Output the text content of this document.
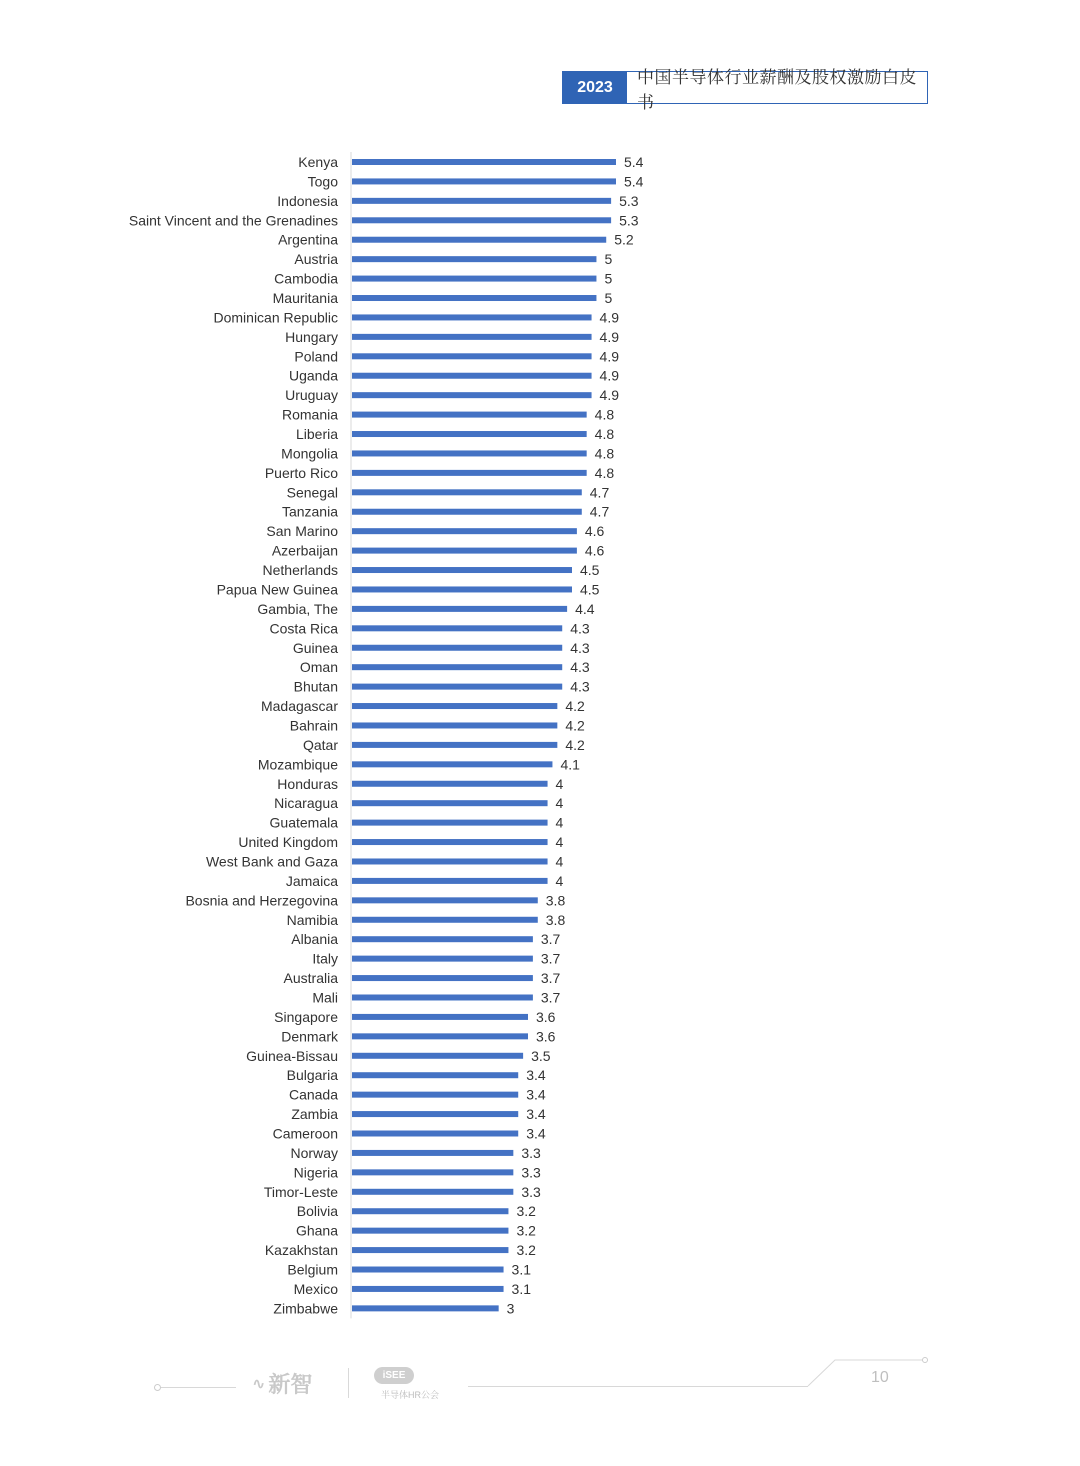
2023
中国半导体行业薪酬及股权激励白皮书
Kenya	5.4
Togo	5.4
Indonesia	5.3
Saint Vincent and the Grenadines	5.3
Argentina	5.2
Austria	5
Cambodia	5
Mauritania	5
Dominican Republic	4.9
Hungary	4.9
Poland	4.9
Uganda	4.9
Uruguay	4.9
Romania	4.8
Liberia	4.8
Mongolia	4.8
Puerto Rico	4.8
Senegal	4.7
Tanzania	4.7
San Marino	4.6
Azerbaijan	4.6
Netherlands	4.5
Papua New Guinea	4.5
Gambia, The	4.4
Costa Rica	4.3
Guinea	4.3
Oman	4.3
Bhutan	4.3
Madagascar	4.2
Bahrain	4.2
Qatar	4.2
Mozambique	4.1
Honduras	4
Nicaragua	4
Guatemala	4
United Kingdom	4
West Bank and Gaza	4
Jamaica	4
Bosnia and Herzegovina	3.8
Namibia	3.8
Albania	3.7
Italy	3.7
Australia	3.7
Mali	3.7
Singapore	3.6
Denmark	3.6
Guinea-Bissau	3.5
Bulgaria	3.4
Canada	3.4
Zambia	3.4
Cameroon	3.4
Norway	3.3
Nigeria	3.3
Timor-Leste	3.3
Bolivia	3.2
Ghana	3.2
Kazakhstan	3.2
Belgium	3.1
Mexico	3.1
Zimbabwe	3
∿ 新智	iSEE
半导体HR公会
10
